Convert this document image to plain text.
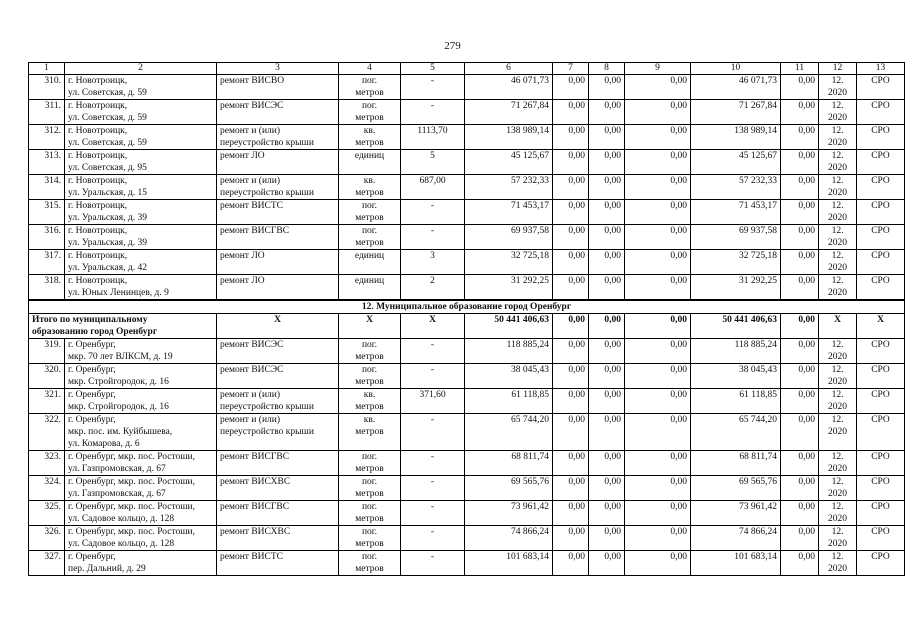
279
1	2	3	4	5	6	7	8	9	10	11	12	13
310.	г. Новотроицк,
ул. Советская, д. 59	ремонт ВИСВО	пог.
метров	-	46 071,73	0,00	0,00	0,00	46 071,73	0,00	12.
2020	СРО
311.	г. Новотроицк,
ул. Советская, д. 59	ремонт ВИСЭС	пог.
метров	-	71 267,84	0,00	0,00	0,00	71 267,84	0,00	12.
2020	СРО
312.	г. Новотроицк,
ул. Советская, д. 59	ремонт и (или)
переустройство крыши	кв.
метров	1113,70	138 989,14	0,00	0,00	0,00	138 989,14	0,00	12.
2020	СРО
313.	г. Новотроицк,
ул. Советская, д. 95	ремонт ЛО	единиц	5	45 125,67	0,00	0,00	0,00	45 125,67	0,00	12.
2020	СРО
314.	г. Новотроицк,
ул. Уральская, д. 15	ремонт и (или)
переустройство крыши	кв.
метров	687,00	57 232,33	0,00	0,00	0,00	57 232,33	0,00	12.
2020	СРО
315.	г. Новотроицк,
ул. Уральская, д. 39	ремонт ВИСТС	пог.
метров	-	71 453,17	0,00	0,00	0,00	71 453,17	0,00	12.
2020	СРО
316.	г. Новотроицк,
ул. Уральская, д. 39	ремонт ВИСГВС	пог.
метров	-	69 937,58	0,00	0,00	0,00	69 937,58	0,00	12.
2020	СРО
317.	г. Новотроицк,
ул. Уральская, д. 42	ремонт ЛО	единиц	3	32 725,18	0,00	0,00	0,00	32 725,18	0,00	12.
2020	СРО
318.	г. Новотроицк,
ул. Юных Ленинцев, д. 9	ремонт ЛО	единиц	2	31 292,25	0,00	0,00	0,00	31 292,25	0,00	12.
2020	СРО
12. Муниципальное образование город Оренбург												

Итого по муниципальному
образованию город Оренбург		Х	Х	Х	50 441 406,63	0,00	0,00	0,00	50 441 406,63	0,00	Х	Х
319.	г. Оренбург,
мкр. 70 лет ВЛКСМ, д. 19	ремонт ВИСЭС	пог.
метров	-	118 885,24	0,00	0,00	0,00	118 885,24	0,00	12.
2020	СРО
320.	г. Оренбург,
мкр. Стройгородок, д. 16	ремонт ВИСЭС	пог.
метров	-	38 045,43	0,00	0,00	0,00	38 045,43	0,00	12.
2020	СРО
321.	г. Оренбург,
мкр. Стройгородок, д. 16	ремонт и (или)
переустройство крыши	кв.
метров	371,60	61 118,85	0,00	0,00	0,00	61 118,85	0,00	12.
2020	СРО
322.	г. Оренбург,
мкр. пос. им. Куйбышева,
ул. Комарова, д. 6	ремонт и (или)
переустройство крыши	кв.
метров	-	65 744,20	0,00	0,00	0,00	65 744,20	0,00	12.
2020	СРО
323.	г. Оренбург, мкр. пос. Ростоши,
ул. Газпромовская, д. 67	ремонт ВИСГВС	пог.
метров	-	68 811,74	0,00	0,00	0,00	68 811,74	0,00	12.
2020	СРО
324.	г. Оренбург, мкр. пос. Ростоши,
ул. Газпромовская, д. 67	ремонт ВИСХВС	пог.
метров	-	69 565,76	0,00	0,00	0,00	69 565,76	0,00	12.
2020	СРО
325.	г. Оренбург, мкр. пос. Ростоши,
ул. Садовое кольцо, д. 128	ремонт ВИСГВС	пог.
метров	-	73 961,42	0,00	0,00	0,00	73 961,42	0,00	12.
2020	СРО
326.	г. Оренбург, мкр. пос. Ростоши,
ул. Садовое кольцо, д. 128	ремонт ВИСХВС	пог.
метров	-	74 866,24	0,00	0,00	0,00	74 866,24	0,00	12.
2020	СРО
327.	г. Оренбург,
пер. Дальний, д. 29	ремонт ВИСТС	пог.
метров	-	101 683,14	0,00	0,00	0,00	101 683,14	0,00	12.
2020	СРО
